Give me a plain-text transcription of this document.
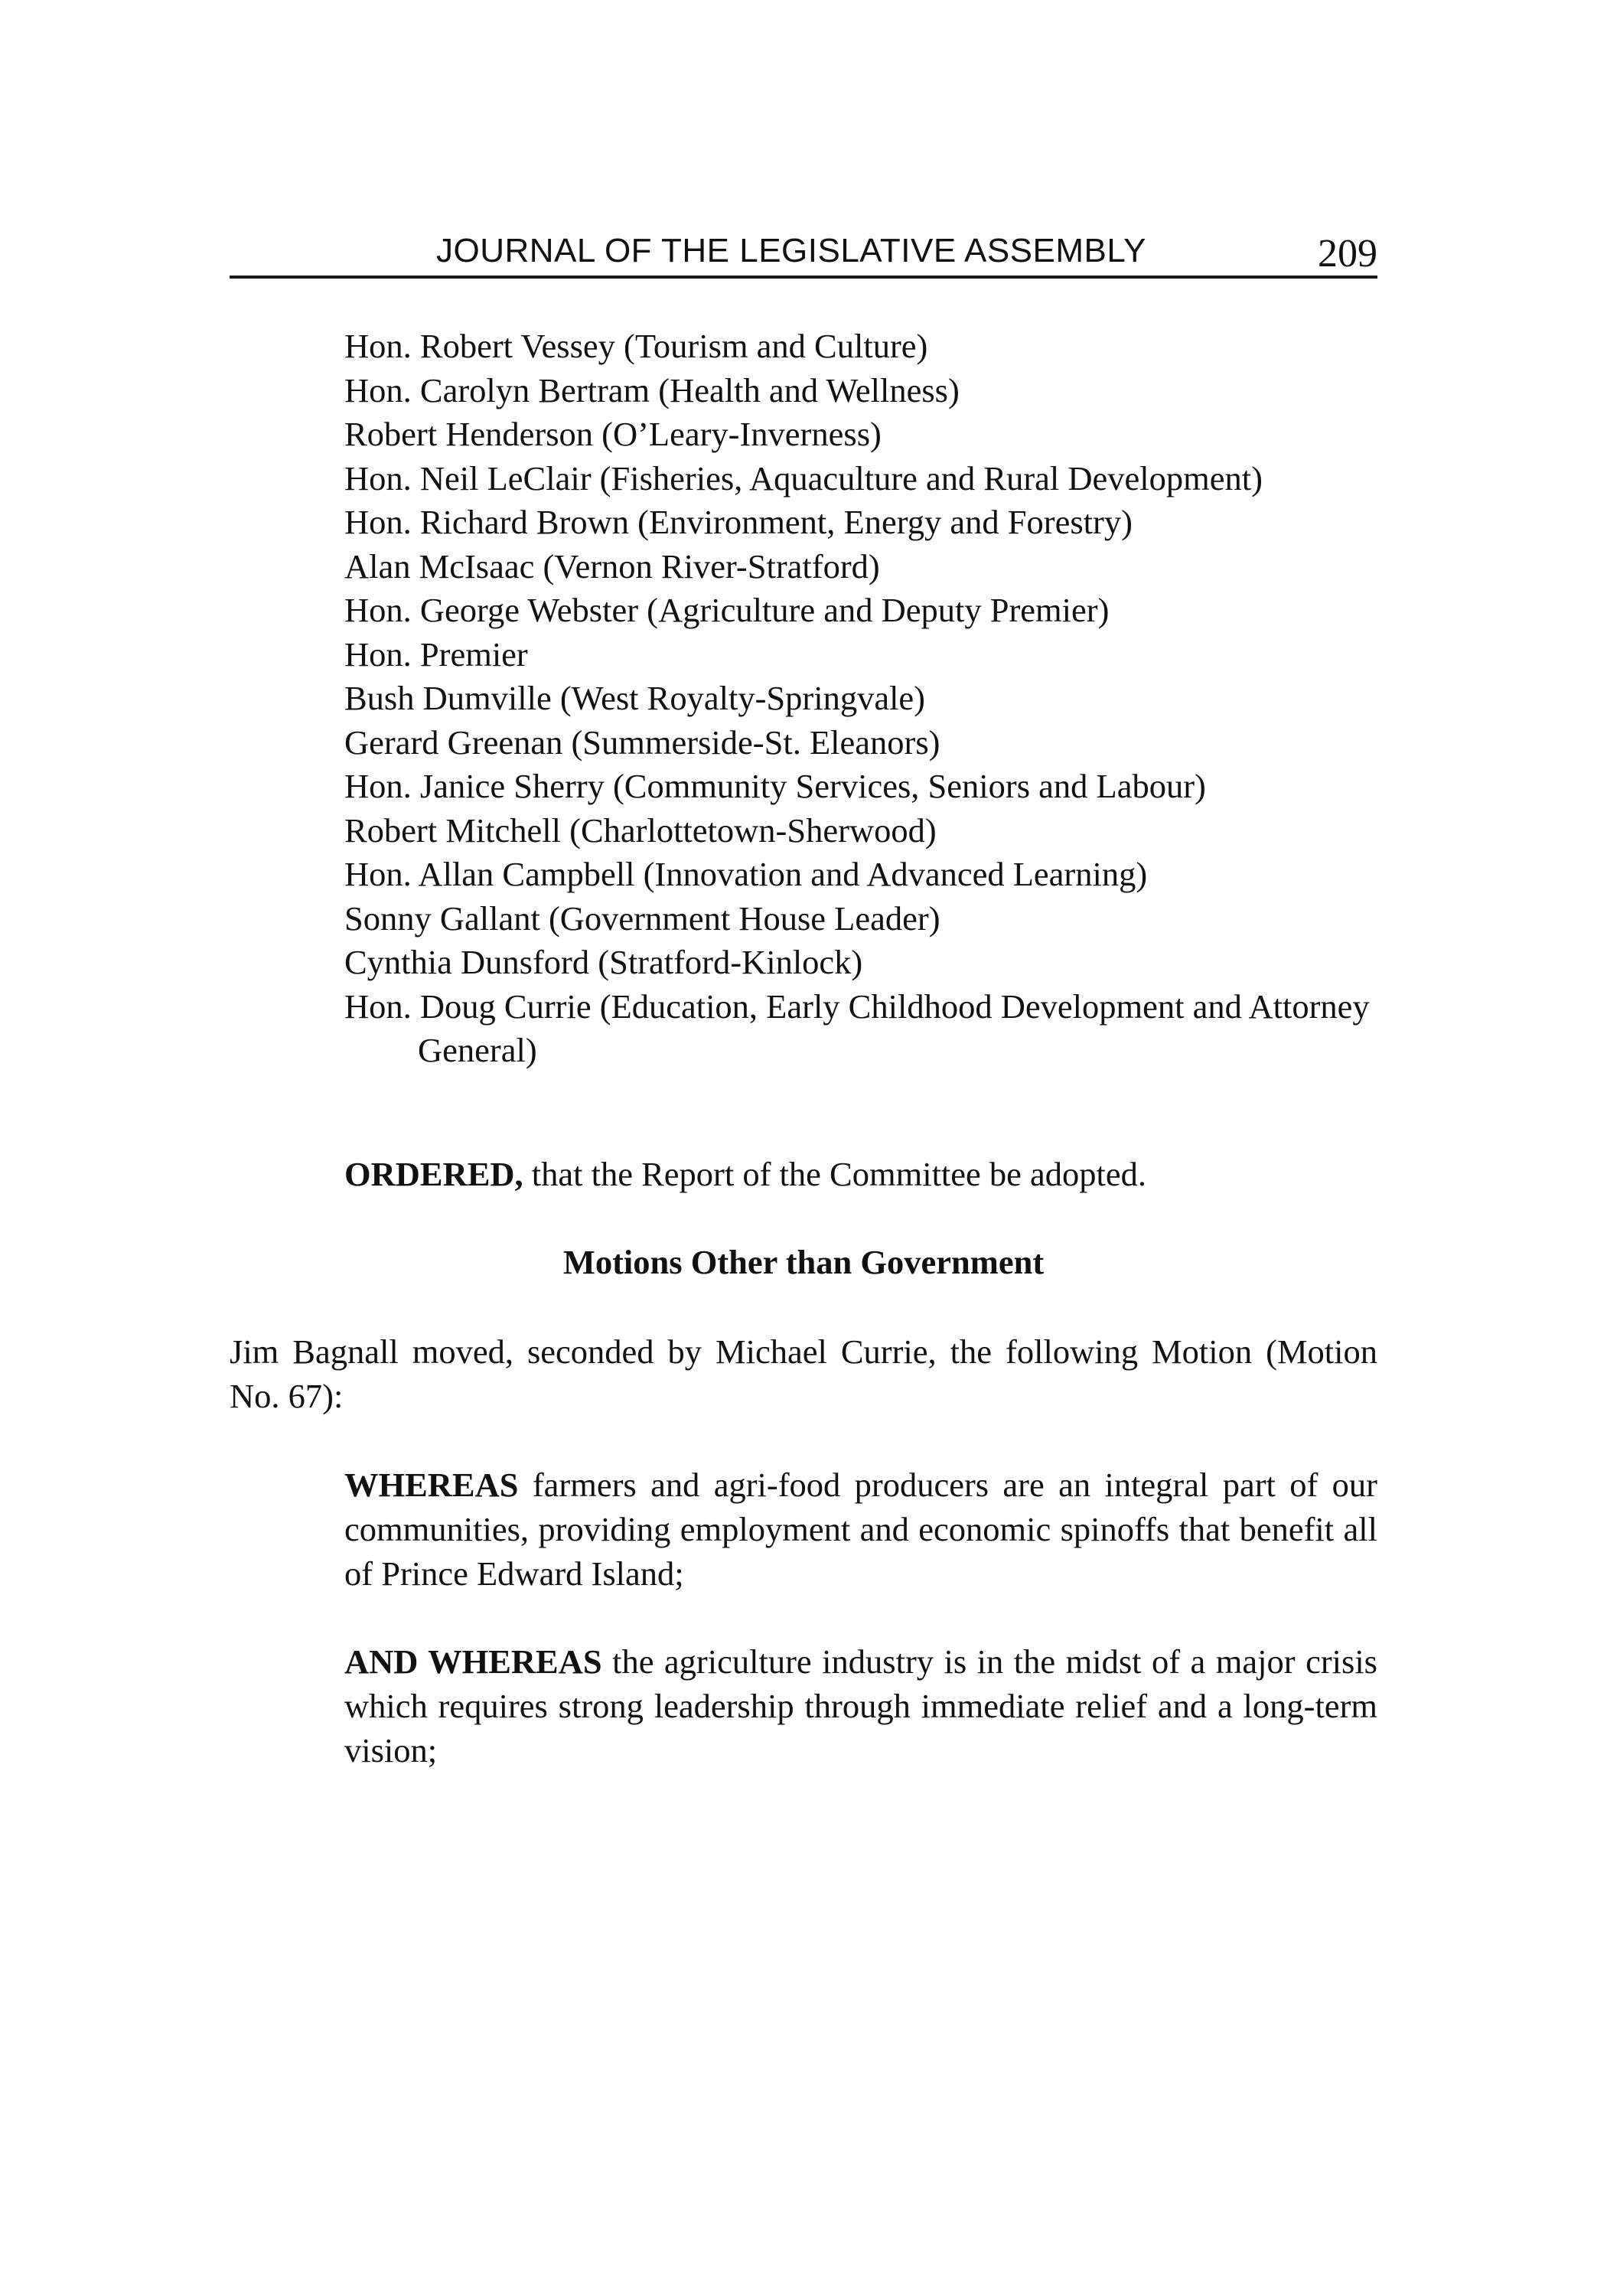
JOURNAL OF THE LEGISLATIVE ASSEMBLY	209
Hon. Robert Vessey (Tourism and Culture)
Hon. Carolyn Bertram (Health and Wellness)
Robert Henderson (O’Leary-Inverness)
Hon. Neil LeClair (Fisheries, Aquaculture and Rural Development)
Hon. Richard Brown (Environment, Energy and Forestry)
Alan McIsaac (Vernon River-Stratford)
Hon. George Webster (Agriculture and Deputy Premier)
Hon. Premier
Bush Dumville (West Royalty-Springvale)
Gerard Greenan (Summerside-St. Eleanors)
Hon. Janice Sherry (Community Services, Seniors and Labour)
Robert Mitchell (Charlottetown-Sherwood)
Hon. Allan Campbell (Innovation and Advanced Learning)
Sonny Gallant (Government House Leader)
Cynthia Dunsford (Stratford-Kinlock)
Hon. Doug Currie (Education, Early Childhood Development and Attorney General)

ORDERED, that the Report of the Committee be adopted.

Motions Other than Government

Jim Bagnall moved, seconded by Michael Currie, the following Motion (Motion No. 67):

WHEREAS farmers and agri-food producers are an integral part of our communities, providing employment and economic spinoffs that benefit all of Prince Edward Island;

AND WHEREAS the agriculture industry is in the midst of a major crisis which requires strong leadership through immediate relief and a long-term vision;
